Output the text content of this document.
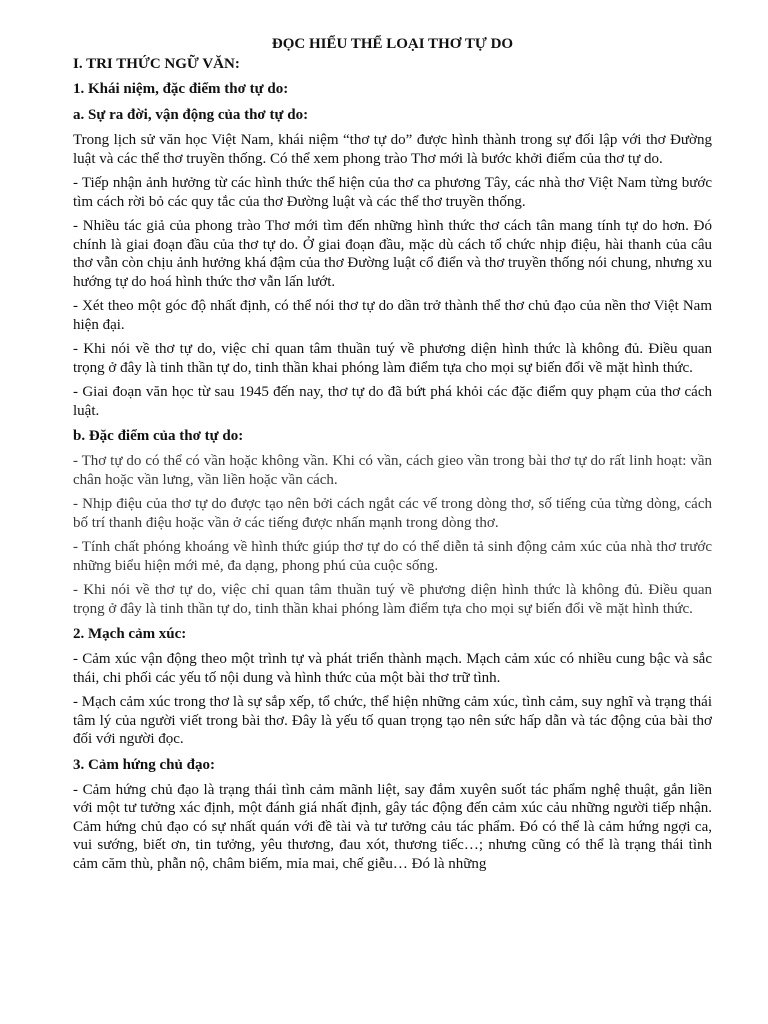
ĐỌC HIỂU THỂ LOẠI THƠ TỰ DO
I. TRI THỨC NGỮ VĂN:
1. Khái niệm, đặc điểm thơ tự do:
a. Sự ra đời, vận động của thơ tự do:

Trong lịch sử văn học Việt Nam, khái niệm “thơ tự do” được hình thành trong sự đối lập với thơ Đường luật và các thể thơ truyền thống. Có thể xem phong trào Thơ mới là bước khởi điểm của thơ tự do.

- Tiếp nhận ảnh hưởng từ các hình thức thể hiện của thơ ca phương Tây, các nhà thơ Việt Nam từng bước tìm cách rời bỏ các quy tắc của thơ Đường luật và các thể thơ truyền thống.

- Nhiều tác giả của phong trào Thơ mới tìm đến những hình thức thơ cách tân mang tính tự do hơn. Đó chính là giai đoạn đầu của thơ tự do. Ở giai đoạn đầu, mặc dù cách tổ chức nhịp điệu, hài thanh của câu thơ vẫn còn chịu ảnh hưởng khá đậm của thơ Đường luật cổ điển và thơ truyền thống nói chung, nhưng xu hướng tự do hoá hình thức thơ vẫn lấn lướt.

- Xét theo một góc độ nhất định, có thể nói thơ tự do dần trở thành thể thơ chủ đạo của nền thơ Việt Nam hiện đại.

- Khi nói về thơ tự do, việc chỉ quan tâm thuần tuý về phương diện hình thức là không đủ. Điều quan trọng ở đây là tinh thần tự do, tinh thần khai phóng làm điểm tựa cho mọi sự biến đổi về mặt hình thức.

- Giai đoạn văn học từ sau 1945 đến nay, thơ tự do đã bứt phá khỏi các đặc điểm quy phạm của thơ cách luật.

b. Đặc điểm của thơ tự do:

- Thơ tự do có thể có vần hoặc không vần. Khi có vần, cách gieo vần trong bài thơ tự do rất linh hoạt: vần chân hoặc vần lưng, vần liền hoặc vần cách.

- Nhịp điệu của thơ tự do được tạo nên bởi cách ngắt các vế trong dòng thơ, số tiếng của từng dòng, cách bố trí thanh điệu hoặc vần ở các tiếng được nhấn mạnh trong dòng thơ.

- Tính chất phóng khoáng về hình thức giúp thơ tự do có thể diễn tả sinh động cảm xúc của nhà thơ trước những biểu hiện mới mẻ, đa dạng, phong phú của cuộc sống.

- Khi nói về thơ tự do, việc chỉ quan tâm thuần tuý về phương diện hình thức là không đủ. Điều quan trọng ở đây là tinh thần tự do, tinh thần khai phóng làm điểm tựa cho mọi sự biến đổi về mặt hình thức.

2. Mạch cảm xúc:

- Cảm xúc vận động theo một trình tự và phát triển thành mạch. Mạch cảm xúc có nhiều cung bậc và sắc thái, chi phối các yếu tố nội dung và hình thức của một bài thơ trữ tình.

- Mạch cảm xúc trong thơ là sự sắp xếp, tổ chức, thể hiện những cảm xúc, tình cảm, suy nghĩ và trạng thái tâm lý của người viết trong bài thơ. Đây là yếu tố quan trọng tạo nên sức hấp dẫn và tác động của bài thơ đối với người đọc.

3. Cảm hứng chủ đạo:

- Cảm hứng chủ đạo là trạng thái tình cảm mãnh liệt, say đắm xuyên suốt tác phẩm nghệ thuật, gắn liền với một tư tưởng xác định, một đánh giá nhất định, gây tác động đến cảm xúc cảu những người tiếp nhận. Cảm hứng chủ đạo có sự nhất quán với đề tài và tư tưởng cảu tác phẩm. Đó có thể là cảm hứng ngợi ca, vui sướng, biết ơn, tin tưởng, yêu thương, đau xót, thương tiếc…; nhưng cũng có thể là trạng thái tình cảm căm thù, phẫn nộ, châm biếm, mỉa mai, chế giễu… Đó là những
